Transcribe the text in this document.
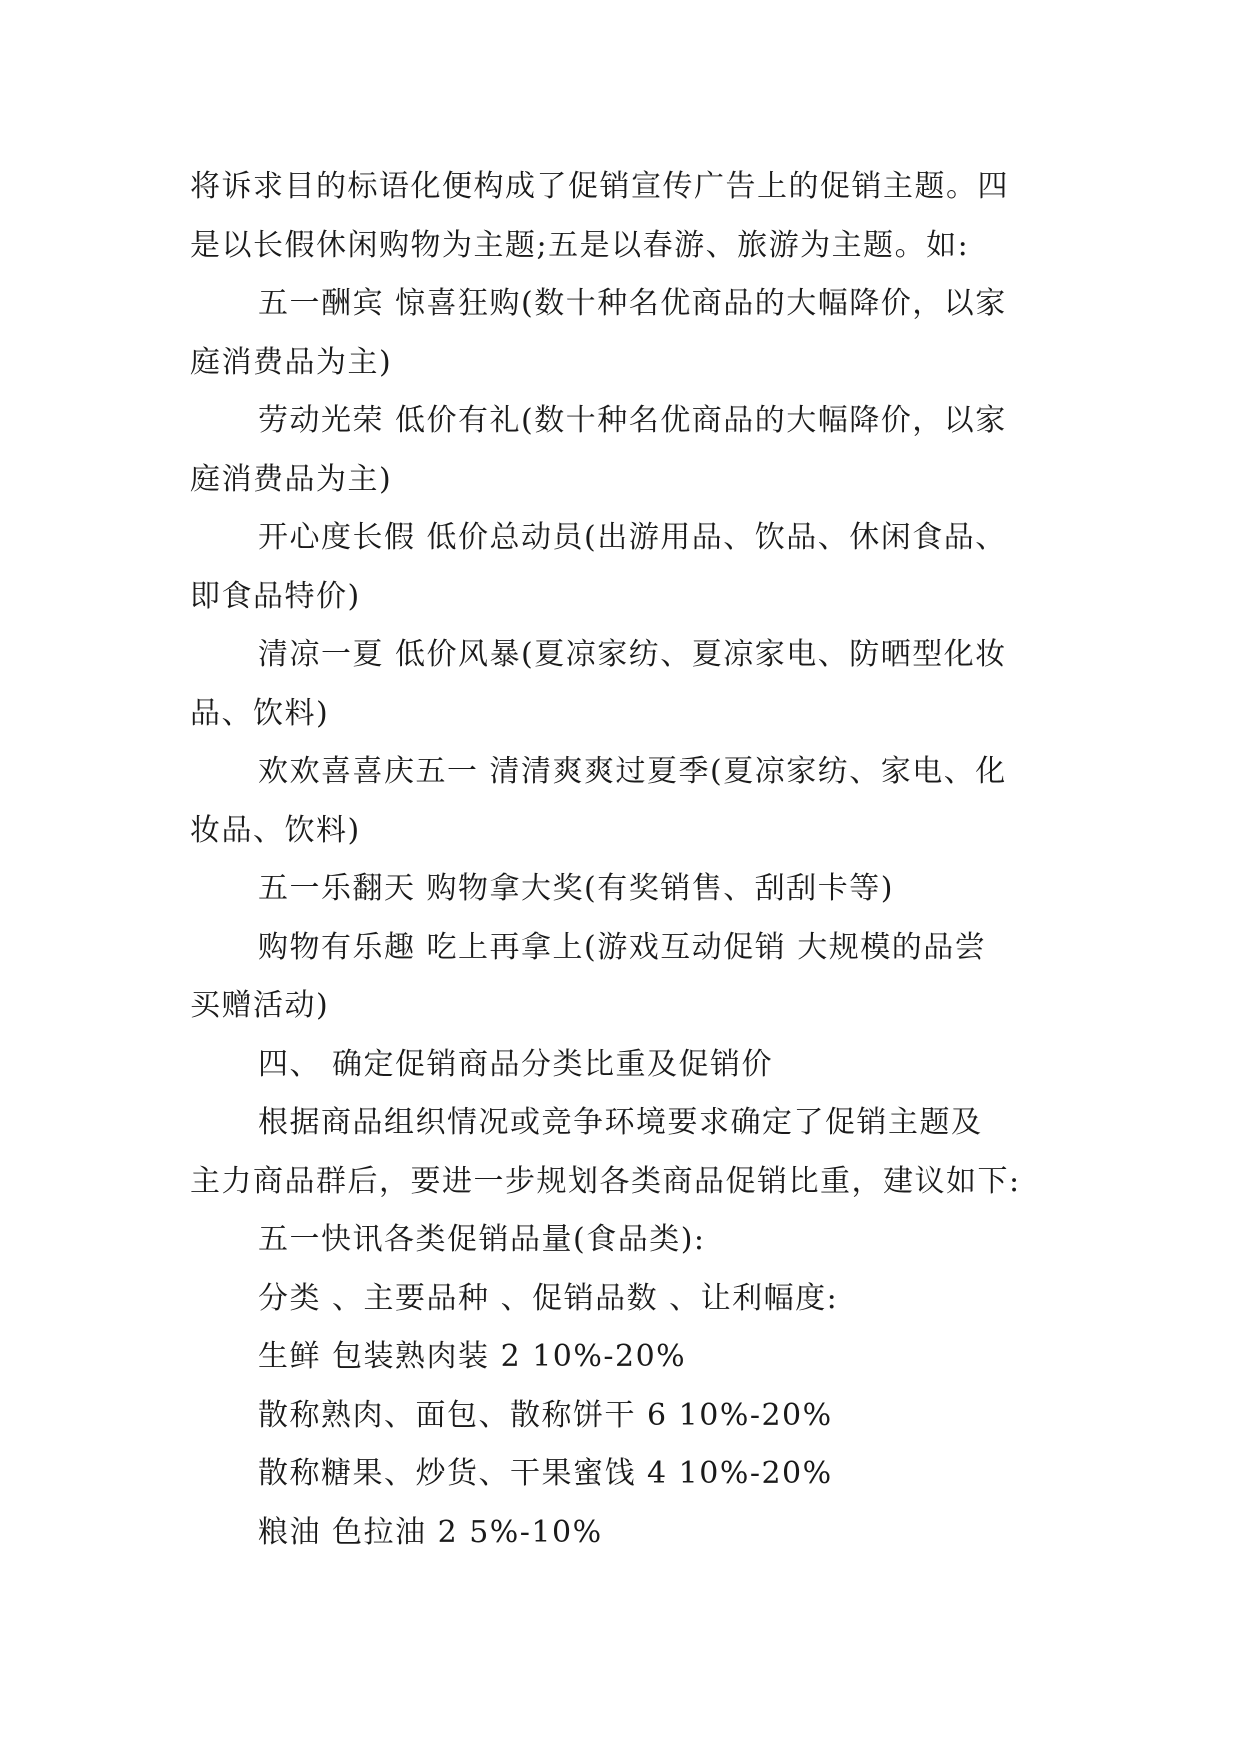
将诉求目的标语化便构成了促销宣传广告上的促销主题。四
是以长假休闲购物为主题;五是以春游、旅游为主题。如:
五一酬宾 惊喜狂购(数十种名优商品的大幅降价，以家
庭消费品为主)
劳动光荣 低价有礼(数十种名优商品的大幅降价，以家
庭消费品为主)
开心度长假 低价总动员(出游用品、饮品、休闲食品、
即食品特价)
清凉一夏 低价风暴(夏凉家纺、夏凉家电、防晒型化妆
品、饮料)
欢欢喜喜庆五一 清清爽爽过夏季(夏凉家纺、家电、化
妆品、饮料)
五一乐翻天 购物拿大奖(有奖销售、刮刮卡等)
购物有乐趣 吃上再拿上(游戏互动促销 大规模的品尝
买赠活动)
四、 确定促销商品分类比重及促销价
根据商品组织情况或竞争环境要求确定了促销主题及
主力商品群后，要进一步规划各类商品促销比重，建议如下:
五一快讯各类促销品量(食品类):
分类 、主要品种 、促销品数 、让利幅度:
生鲜 包装熟肉装 2 10%-20%
散称熟肉、面包、散称饼干 6 10%-20%
散称糖果、炒货、干果蜜饯 4 10%-20%
粮油 色拉油 2 5%-10%
